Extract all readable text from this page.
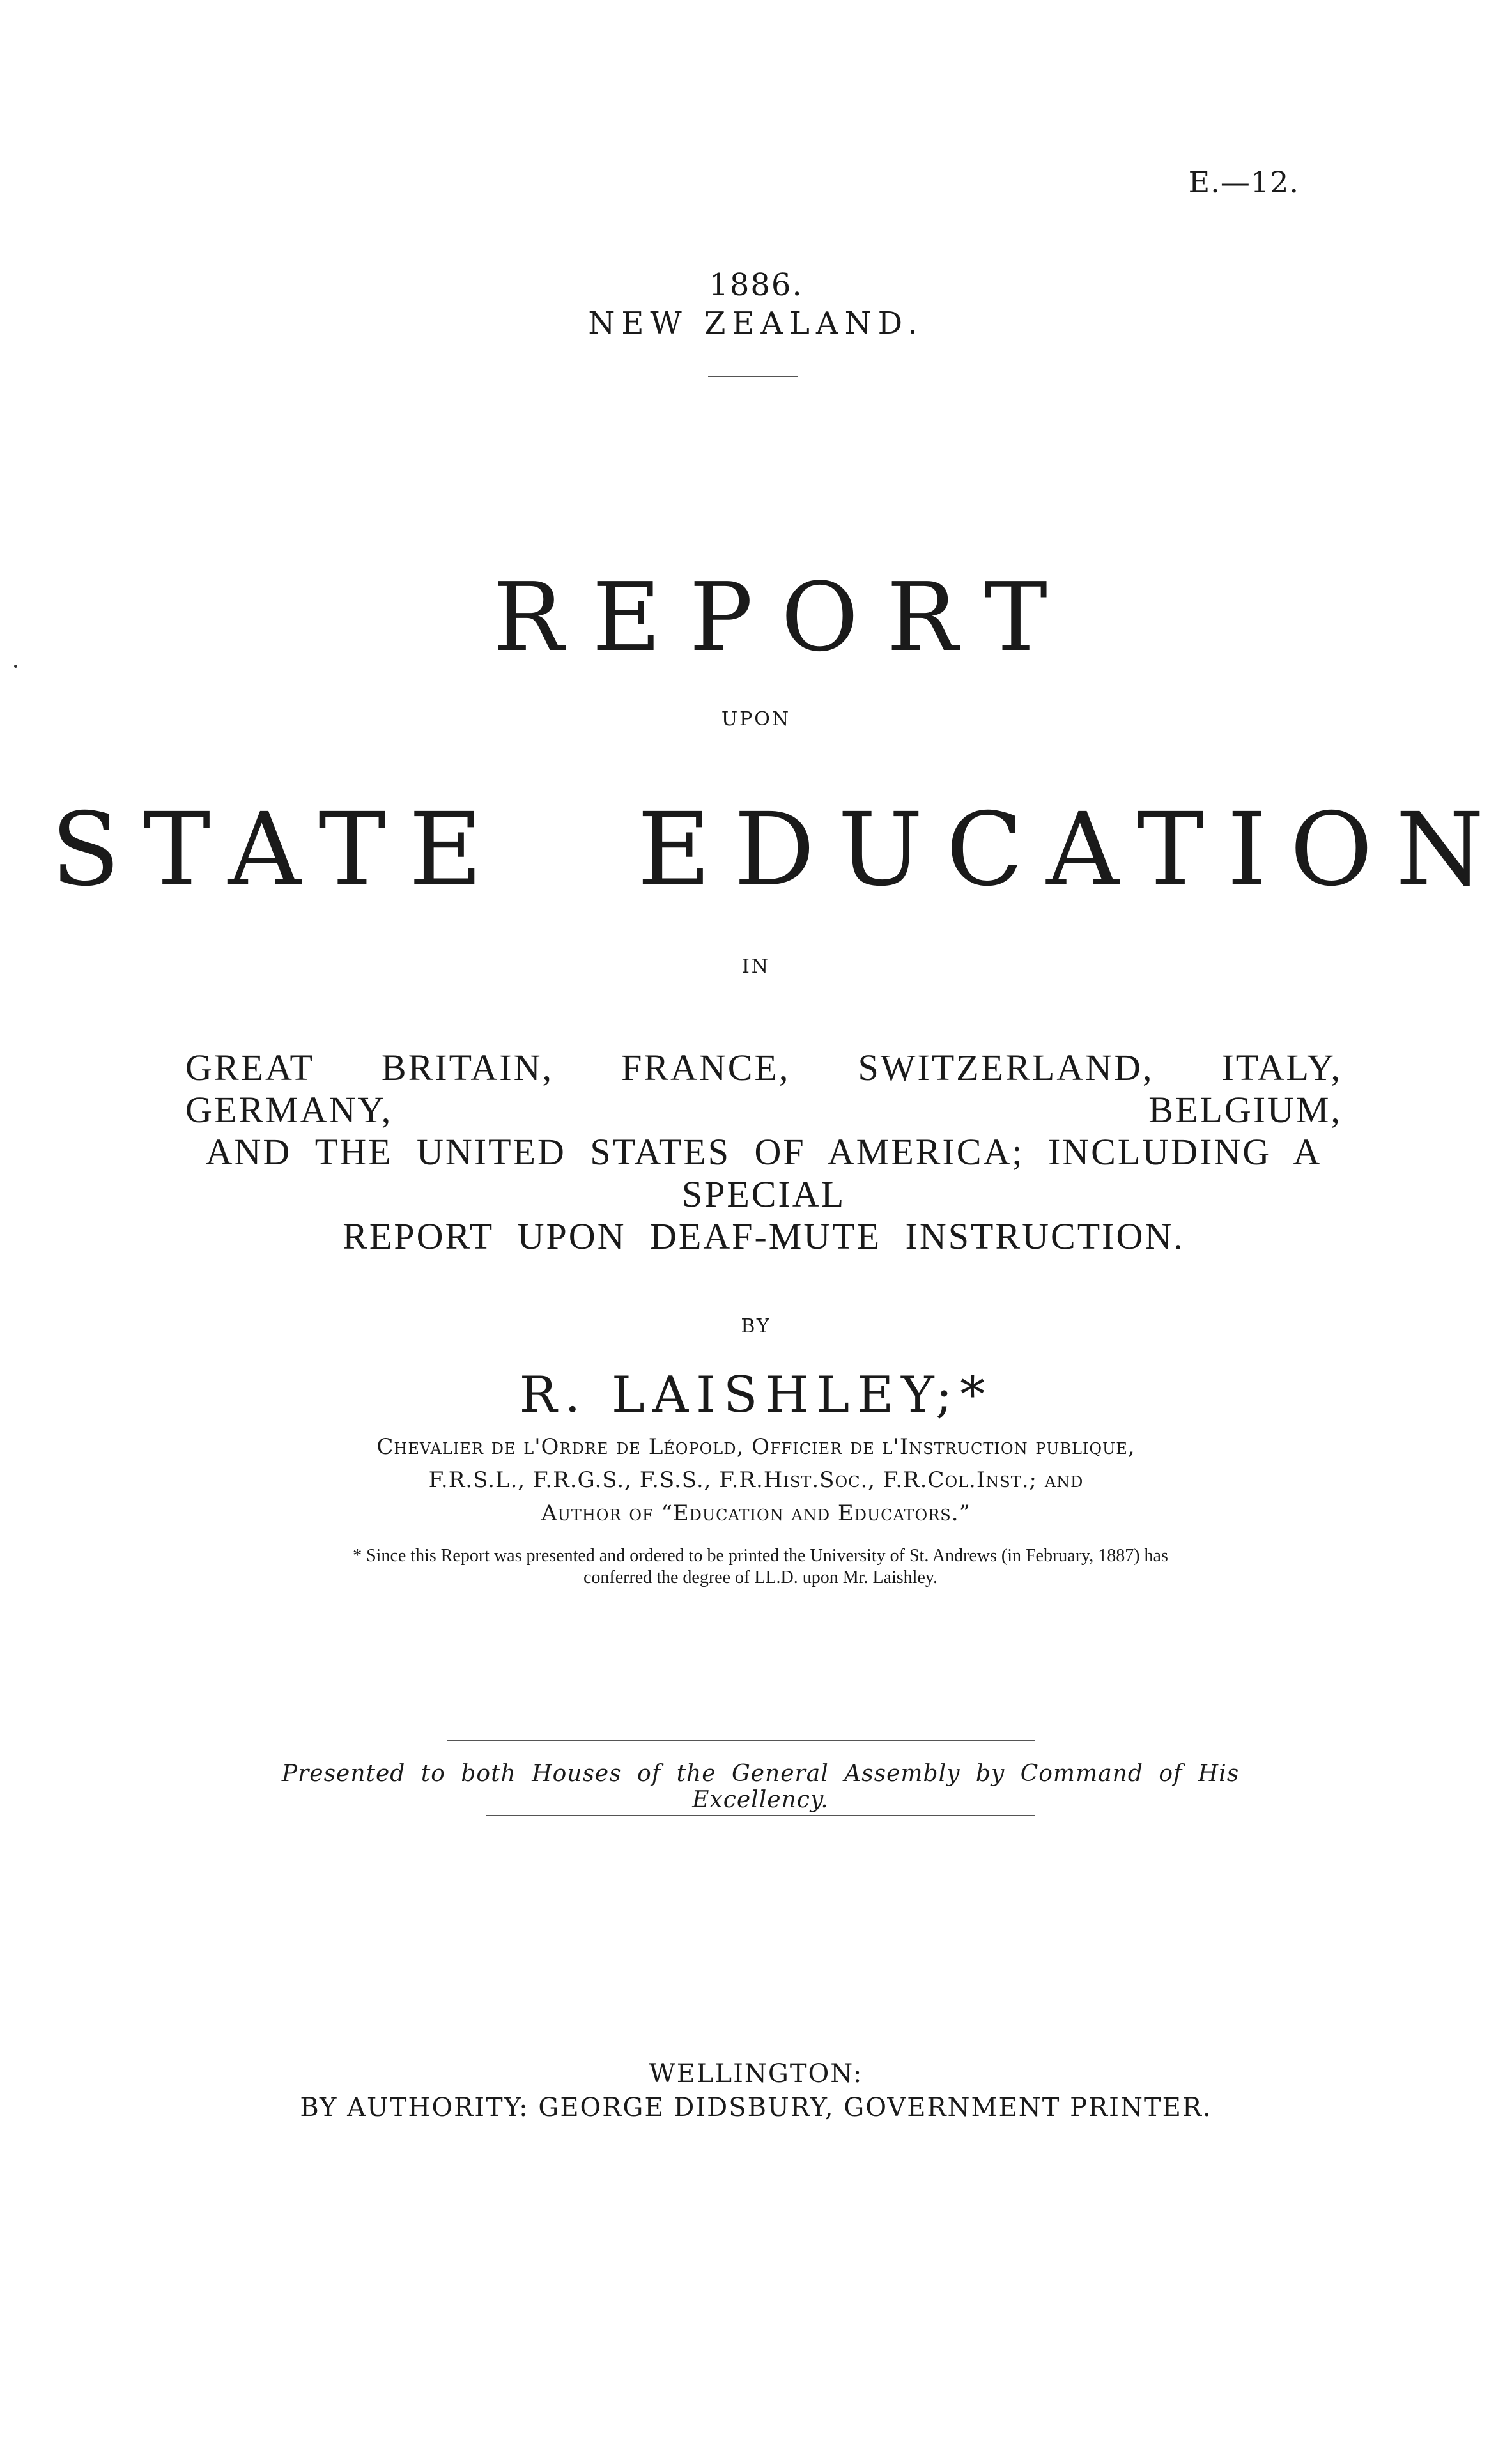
E.—12.
1886.
NEW ZEALAND.
REPORT
UPON
STATE EDUCATION
IN
GREAT BRITAIN, FRANCE, SWITZERLAND, ITALY, GERMANY, BELGIUM,
AND THE UNITED STATES OF AMERICA; INCLUDING A SPECIAL
REPORT UPON DEAF-MUTE INSTRUCTION.
BY
R. LAISHLEY;*
Chevalier de l'Ordre de Léopold, Officier de l'Instruction publique,
F.R.S.L., F.R.G.S., F.S.S., F.R.Hist.Soc., F.R.Col.Inst.; and
Author of “Education and Educators.”
* Since this Report was presented and ordered to be printed the University of St. Andrews (in February, 1887) has
conferred the degree of LL.D. upon Mr. Laishley.
Presented to both Houses of the General Assembly by Command of His Excellency.
WELLINGTON:
BY AUTHORITY: GEORGE DIDSBURY, GOVERNMENT PRINTER.
